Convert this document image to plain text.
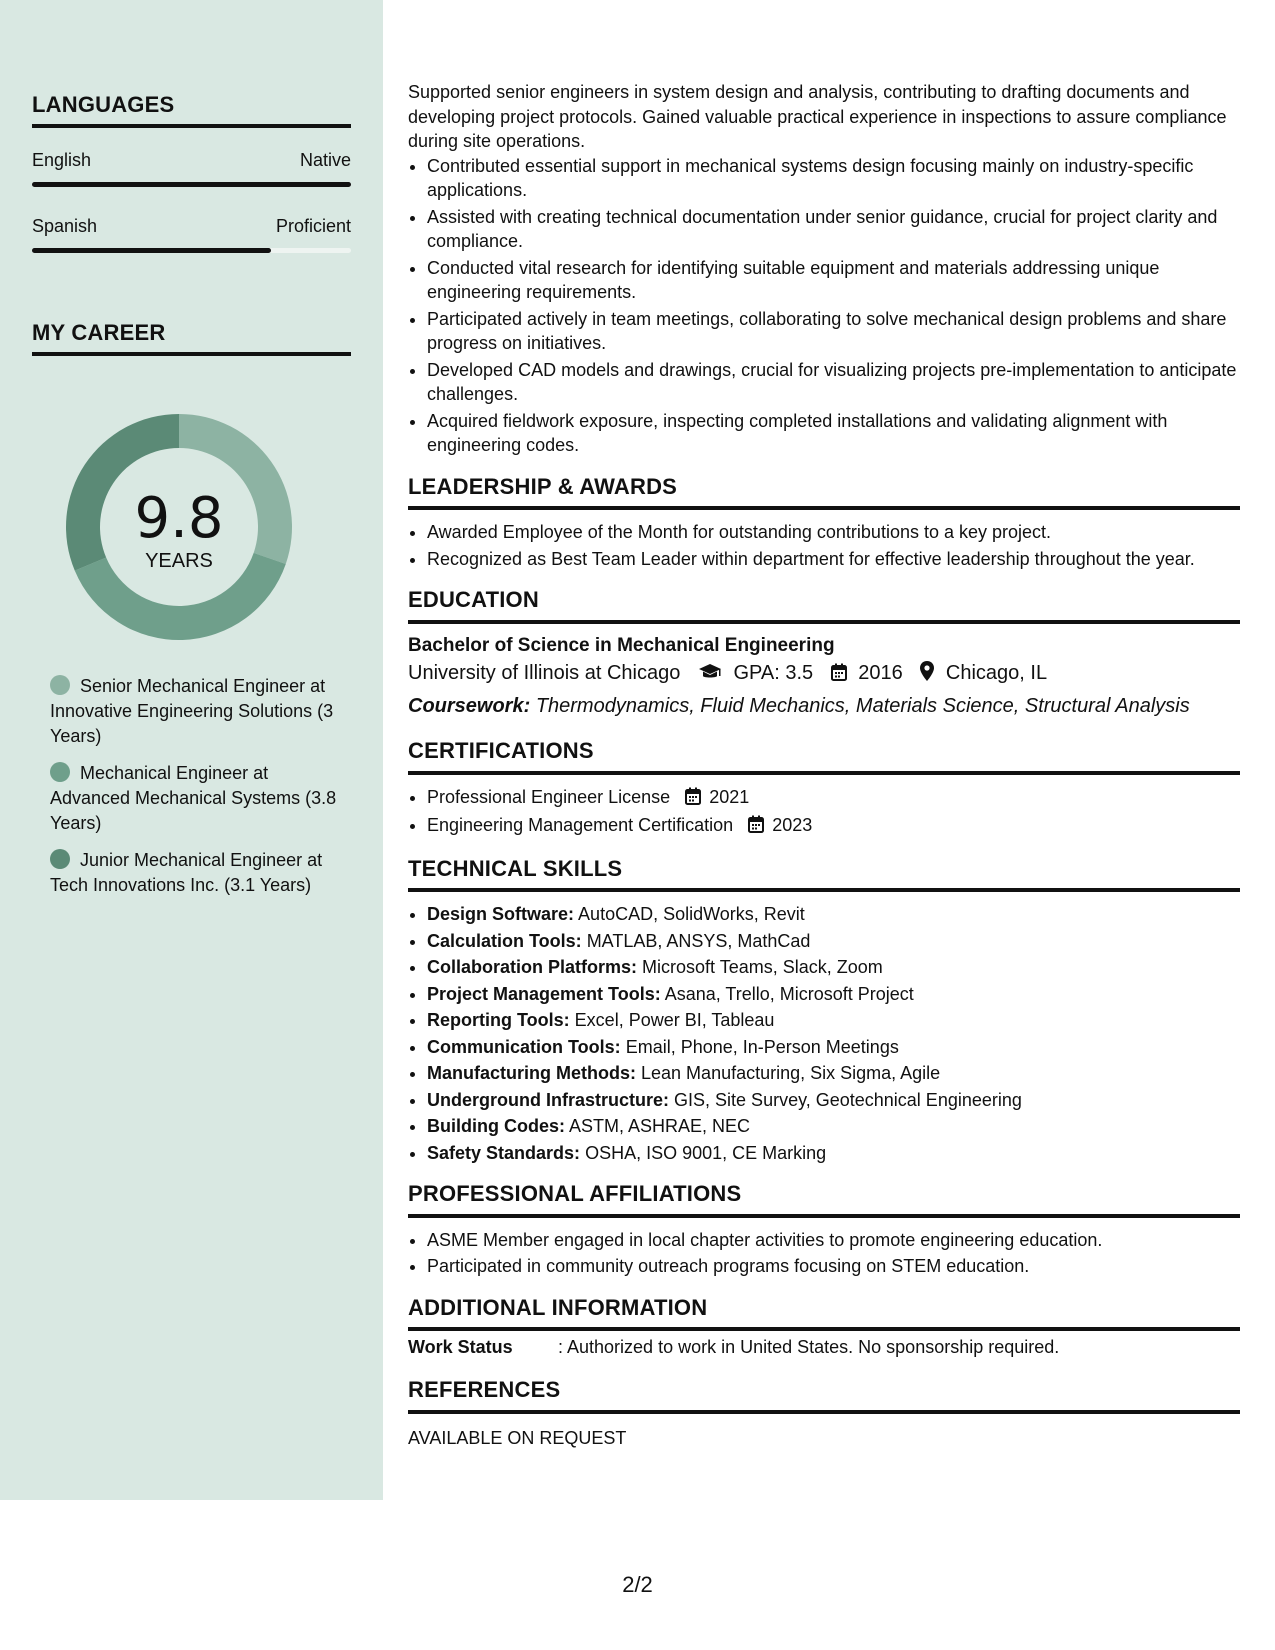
LANGUAGES
English	Native
Spanish	Proficient
MY CAREER
9.8
YEARS
Senior Mechanical Engineer at Innovative Engineering Solutions (3 Years)
Mechanical Engineer at Advanced Mechanical Systems (3.8 Years)
Junior Mechanical Engineer at Tech Innovations Inc. (3.1 Years)

Supported senior engineers in system design and analysis, contributing to drafting documents and developing project protocols. Gained valuable practical experience in inspections to assure compliance during site operations.

• Contributed essential support in mechanical systems design focusing mainly on industry-specific applications.
• Assisted with creating technical documentation under senior guidance, crucial for project clarity and compliance.
• Conducted vital research for identifying suitable equipment and materials addressing unique engineering requirements.
• Participated actively in team meetings, collaborating to solve mechanical design problems and share progress on initiatives.
• Developed CAD models and drawings, crucial for visualizing projects pre-implementation to anticipate challenges.
• Acquired fieldwork exposure, inspecting completed installations and validating alignment with engineering codes.
LEADERSHIP & AWARDS
• Awarded Employee of the Month for outstanding contributions to a key project.
• Recognized as Best Team Leader within department for effective leadership throughout the year.
EDUCATION
Bachelor of Science in Mechanical Engineering
University of Illinois at Chicago	GPA: 3.5 2016 Chicago, IL
Coursework: Thermodynamics, Fluid Mechanics, Materials Science, Structural Analysis
CERTIFICATIONS
• Professional Engineer License 2021
• Engineering Management Certification 2023
TECHNICAL SKILLS
• Design Software: AutoCAD, SolidWorks, Revit
• Calculation Tools: MATLAB, ANSYS, MathCad
• Collaboration Platforms: Microsoft Teams, Slack, Zoom
• Project Management Tools: Asana, Trello, Microsoft Project
• Reporting Tools: Excel, Power BI, Tableau
• Communication Tools: Email, Phone, In-Person Meetings
• Manufacturing Methods: Lean Manufacturing, Six Sigma, Agile
• Underground Infrastructure: GIS, Site Survey, Geotechnical Engineering
• Building Codes: ASTM, ASHRAE, NEC
• Safety Standards: OSHA, ISO 9001, CE Marking
PROFESSIONAL AFFILIATIONS
• ASME Member engaged in local chapter activities to promote engineering education.
• Participated in community outreach programs focusing on STEM education.
ADDITIONAL INFORMATION
Work Status	: Authorized to work in United States. No sponsorship required.
REFERENCES
AVAILABLE ON REQUEST
2/2
